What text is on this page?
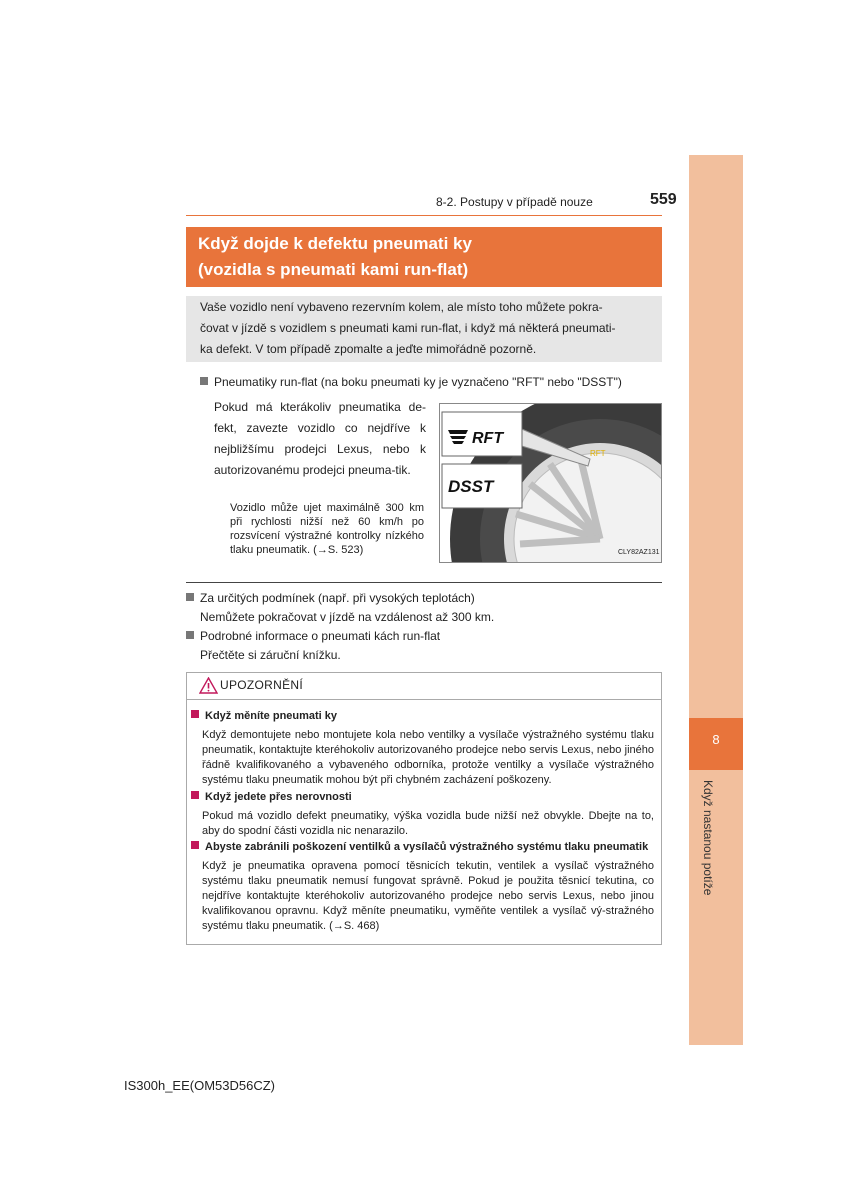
8
Když nastanou potíže
8-2. Postupy v případě nouze	559
Když dojde k defektu pneumati ky
(vozidla s pneumati kami run-flat)
Vaše vozidlo není vybaveno rezervním kolem, ale místo toho můžete pokra-
čovat v jízdě s vozidlem s pneumati kami run-flat, i když má některá pneumati-
ka defekt. V tom případě zpomalte a jeďte mimořádně pozorně.
Pneumatiky run-flat (na boku pneumati ky je vyznačeno "RFT" nebo "DSST")
Pokud má kterákoliv pneumatika de-fekt, zavezte vozidlo co nejdříve k nejbližšímu prodejci Lexus, nebo k autorizovanému prodejci pneuma-tik.
Vozidlo může ujet maximálně 300 km při rychlosti nižší než 60 km/h po rozsvícení výstražné kontrolky nízkého tlaku pneumatik. (→S. 523)
RFT
DSST
RFT
CLY82AZ131
Za určitých podmínek (např. při vysokých teplotách)
Nemůžete pokračovat v jízdě na vzdálenost až 300 km.
Podrobné informace o pneumati kách run-flat
Přečtěte si záruční knížku.
UPOZORNĚNÍ
Když měníte pneumati ky
Když demontujete nebo montujete kola nebo ventilky a vysílače výstražného systému tlaku pneumatik, kontaktujte kteréhokoliv autorizovaného prodejce nebo servis Lexus, nebo jiného řádně kvalifikovaného a vybaveného odborníka, protože ventilky a vysílače výstražného systému tlaku pneumatik mohou být při chybném zacházení poškozeny.
Když jedete přes nerovnosti
Pokud má vozidlo defekt pneumatiky, výška vozidla bude nižší než obvykle. Dbejte na to, aby do spodní části vozidla nic nenarazilo.
Abyste zabránili poškození ventilků a vysílačů výstražného systému tlaku pneumatik
Když je pneumatika opravena pomocí těsnicích tekutin, ventilek a vysílač výstražného systému tlaku pneumatik nemusí fungovat správně. Pokud je použita těsnicí tekutina, co nejdříve kontaktujte kteréhokoliv autorizovaného prodejce nebo servis Lexus, nebo jinou kvalifikovanou opravnu. Když měníte pneumatiku, vyměňte ventilek a vysílač vý-stražného systému tlaku pneumatik. (→S. 468)
IS300h_EE(OM53D56CZ)
